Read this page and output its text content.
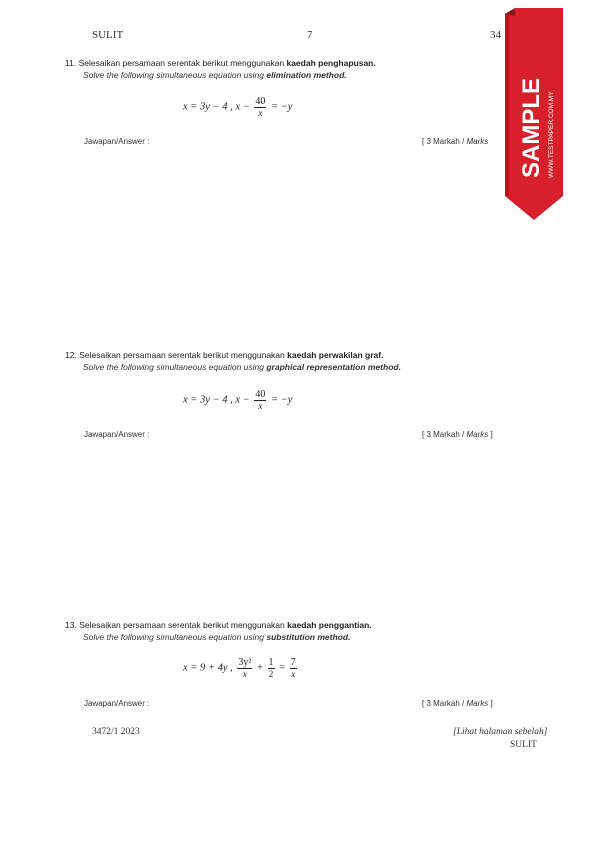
SULIT	7	34
11. Selesaikan persamaan serentak berikut menggunakan kaedah penghapusan.
Solve the following simultaneous equation using elimination method.
x = 3y − 4 , $x - \frac{40}{x} = -y$
Jawapan/Answer :	[ 3 Markah / Marks
12. Selesaikan persamaan serentak berikut menggunakan kaedah perwakilan graf.
Solve the following simultaneous equation using graphical representation method.
x = 3y − 4 , $x - \frac{40}{x} = -y$
Jawapan/Answer :	[ 3 Markah / Marks ]
13. Selesaikan persamaan serentak berikut menggunakan kaedah penggantian.
Solve the following simultaneous equation using substitution method.
x = 9 + 4y , $\frac{\text{3y²}}{x} + \frac{1}{2} = \frac{7}{x}$
Jawapan/Answer :	[ 3 Markah / Marks ]
3472/1 2023	[Lihat halaman sebelah]
SULIT
SAMPLE WWW.TESTPAPER.COM.MY
